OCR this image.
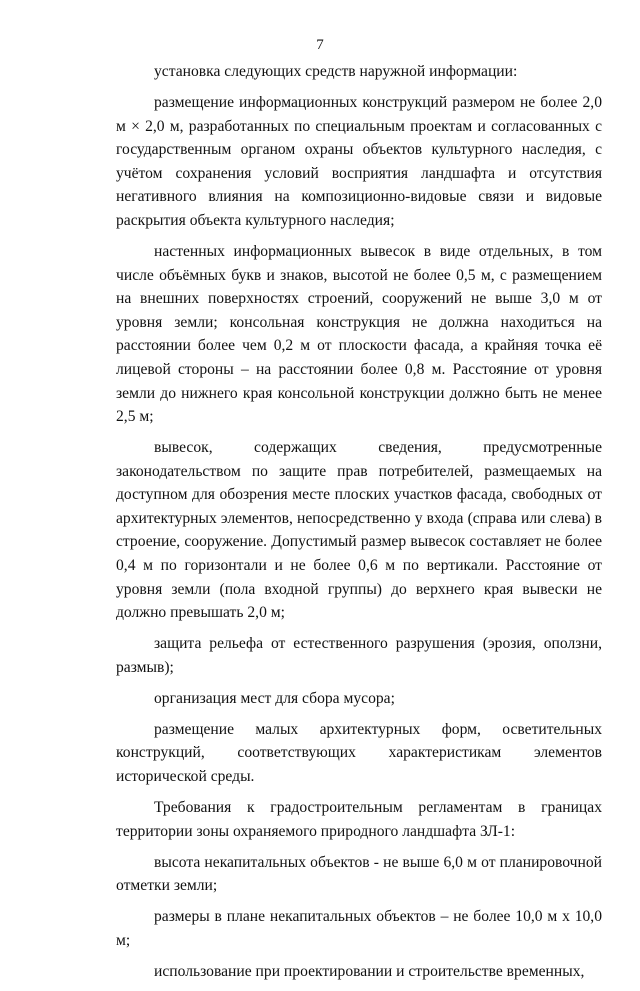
7

установка следующих средств наружной информации:

размещение информационных конструкций размером не более 2,0 м × 2,0 м, разработанных по специальным проектам и согласованных с государственным органом охраны объектов культурного наследия, с учётом сохранения условий восприятия ландшафта и отсутствия негативного влияния на композиционно-видовые связи и видовые раскрытия объекта культурного наследия;

настенных информационных вывесок в виде отдельных, в том числе объёмных букв и знаков, высотой не более 0,5 м, с размещением на внешних поверхностях строений, сооружений не выше 3,0 м от уровня земли; консольная конструкция не должна находиться на расстоянии более чем 0,2 м от плоскости фасада, а крайняя точка её лицевой стороны – на расстоянии более 0,8 м. Расстояние от уровня земли до нижнего края консольной конструкции должно быть не менее 2,5 м;

вывесок, содержащих сведения, предусмотренные законодательством по защите прав потребителей, размещаемых на доступном для обозрения месте плоских участков фасада, свободных от архитектурных элементов, непосредственно у входа (справа или слева) в строение, сооружение. Допустимый размер вывесок составляет не более 0,4 м по горизонтали и не более 0,6 м по вертикали. Расстояние от уровня земли (пола входной группы) до верхнего края вывески не должно превышать 2,0 м;

защита рельефа от естественного разрушения (эрозия, оползни, размыв);

организация мест для сбора мусора;

размещение малых архитектурных форм, осветительных конструкций, соответствующих характеристикам элементов исторической среды.

Требования к градостроительным регламентам в границах территории зоны охраняемого природного ландшафта ЗЛ-1:

высота некапитальных объектов - не выше 6,0 м от планировочной отметки земли;

размеры в плане некапитальных объектов – не более 10,0 м х 10,0 м;

использование при проектировании и строительстве временных,
